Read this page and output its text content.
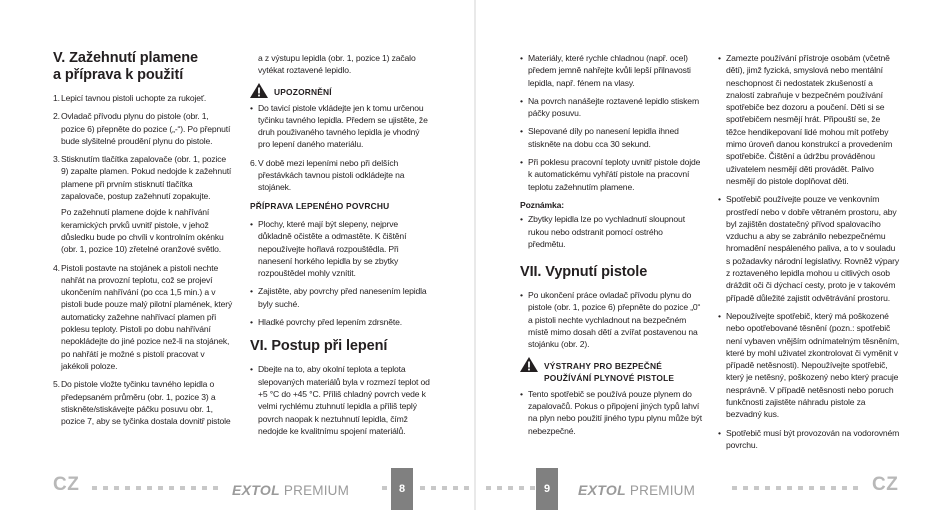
V. Zažehnutí plamene
a příprava k použití
1. Lepicí tavnou pistoli uchopte za rukojeť.

2. Ovladač přívodu plynu do pistole (obr. 1, pozice 6) přepněte do pozice („-“). Po přepnutí bude slyšitelné proudění plynu do pistole.

3. Stisknutím tlačítka zapalovače (obr. 1, pozice 9) zapalte plamen. Pokud nedojde k zažehnutí plamene při prvním stisknutí tlačítka zapalovače, postup zažehnutí zopakujte.

Po zažehnutí plamene dojde k nahřívání keramických prvků uvnitř pistole, v jehož důsledku bude po chvíli v kontrolním okénku (obr. 1, pozice 10) zřetelné oranžové světlo.

4. Pistoli postavte na stojánek a pistoli nechte nahřát na provozní teplotu, což se projeví ukončením nahřívání (po cca 1,5 min.) a v pistoli bude pouze malý pilotní plamének, který automaticky zažehne nahřívací plamen při poklesu teploty. Pistoli po dobu nahřívání nepokládejte do jiné pozice než-li na stojánek, po nahřátí je možné s pistolí pracovat v jakékoli poloze.

5. Do pistole vložte tyčinku tavného lepidla o předepsaném průměru (obr. 1, pozice 3) a stiskněte/stiskávejte páčku posuvu obr. 1, pozice 7, aby se tyčinka dostala dovnitř pistole

a z výstupu lepidla (obr. 1, pozice 1) začalo vytékat roztavené lepidlo.

UPOZORNĚNÍ
• Do tavicí pistole vkládejte jen k tomu určenou tyčinku tavného lepidla. Předem se ujistěte, že druh použivaného tavného lepidla je vhodný pro lepení daného materiálu.
6. V době mezi lepeními nebo při delších přestávkách tavnou pistoli odkládejte na stojánek.

PŘÍPRAVA LEPENÉHO POVRCHU
• Plochy, které mají být slepeny, nejprve důkladně očistěte a odmastěte. K čištění nepoužívejte hořlavá rozpouštědla. Při nanesení horkého lepidla by se zbytky rozpouštědel mohly vznítit.
• Zajistěte, aby povrchy před nanesením lepidla byly suché.
• Hladké povrchy před lepením zdrsněte.
VI. Postup při lepení
• Dbejte na to, aby okolní teplota a teplota slepovaných materiálů byla v rozmezí teplot od +5 °C do +45 °C. Příliš chladný povrch vede k velmi rychlému ztuhnutí lepidla a příliš teplý povrch naopak k neztuhnutí lepidla, čímž nedojde ke kvalitnímu spojení materiálů.
• Materiály, které rychle chladnou (např. ocel) předem jemně nahřejte kvůli lepší přilnavosti lepidla, např. fénem na vlasy.
• Na povrch nanášejte roztavené lepidlo stiskem páčky posuvu.
• Slepované díly po nanesení lepidla ihned stiskněte na dobu cca 30 sekund.
• Při poklesu pracovní teploty uvnitř pistole dojde k automatickému vyhřátí pistole na pracovní teplotu zažehnutím plamene.
Poznámka:
• Zbytky lepidla lze po vychladnutí sloupnout rukou nebo odstranit pomocí ostrého předmětu.
VII. Vypnutí pistole
• Po ukončení práce ovladač přívodu plynu do pistole (obr. 1, pozice 6) přepněte do pozice „0“ a pistoli nechte vychladnout na bezpečném místě mimo dosah dětí a zvířat postavenou na stojánku (obr. 2).
VÝSTRAHY PRO BEZPEČNÉ
POUŽÍVÁNÍ PLYNOVÉ PISTOLE
• Tento spotřebič se používá pouze plynem do zapalovačů. Pokus o připojení jiných typů lahví na plyn nebo použití jiného typu plynu může být nebezpečné.
• Zamezte používání přístroje osobám (včetně dětí), jimž fyzická, smyslová nebo mentální neschopnost či nedostatek zkušeností a znalostí zabraňuje v bezpečném používání spotřebiče bez dozoru a poučení. Děti si se spotřebičem nesmějí hrát. Připouští se, že těžce hendikepovaní lidé mohou mít potřeby mimo úroveň danou konstrukcí a provedením spotřebiče. Čištění a údržbu prováděnou uživatelem nesmějí děti provádět. Palivo nesmějí do pistole doplňovat děti.
• Spotřebič používejte pouze ve venkovním prostředí nebo v dobře větraném prostoru, aby byl zajištěn dostatečný přívod spalovacího vzduchu a aby se zabránilo nebezpečnému hromadění nespáleného paliva, a to v souladu s požadavky národní legislativy. Rovněž výpary z roztaveného lepidla mohou u citlivých osob dráždit oči či dýchací cesty, proto je v takovém případě důležité zajistit odvětrávání prostoru.
• Nepoužívejte spotřebič, který má poškozené nebo opotřebované těsnění (pozn.: spotřebič není vybaven vnějším odnímatelným těsněním, které by mohl uživatel zkontrolovat či vyměnit v případě netěsnosti). Nepoužívejte spotřebič, který je netěsný, poškozený nebo který pracuje nesprávně. V případě netěsnosti nebo poruch funkčnosti zajistěte náhradu pistole za bezvadný kus.
• Spotřebič musí být provozován na vodorovném povrchu.
CZ	EXTOL PREMIUM	8	9	EXTOL PREMIUM	CZ
